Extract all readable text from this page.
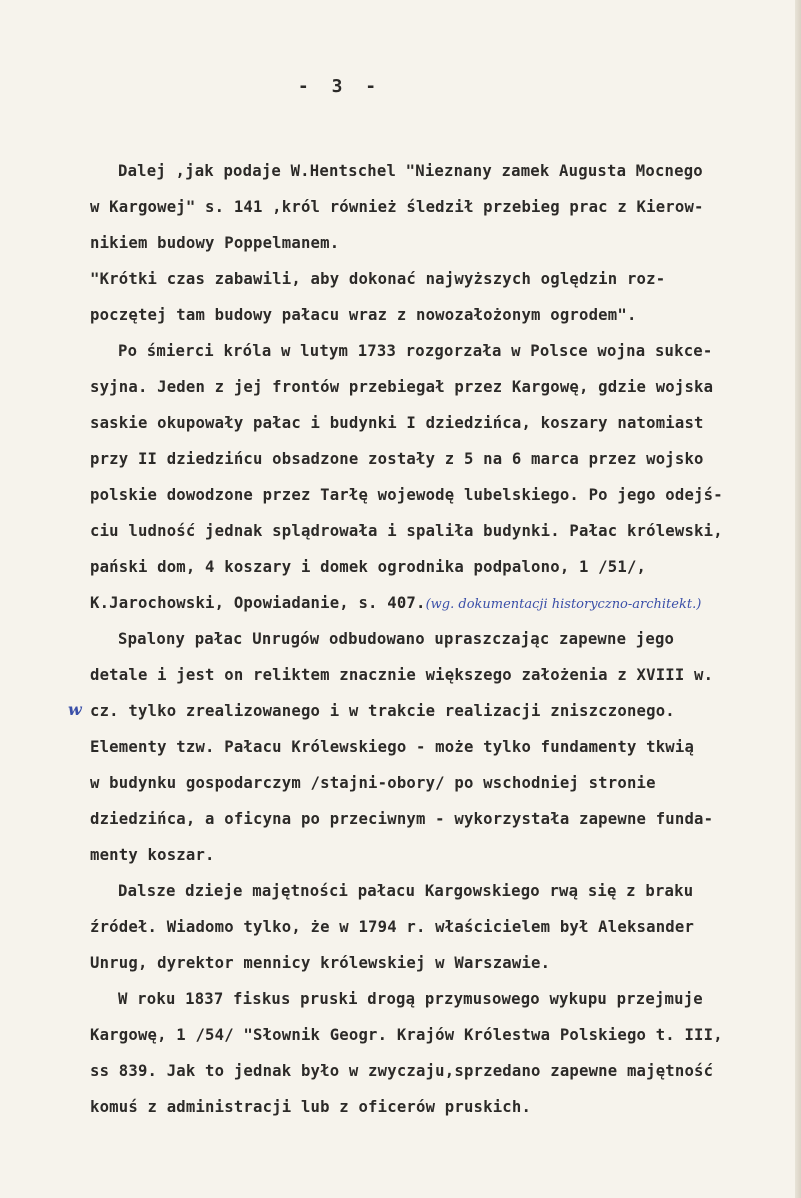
- 3 -
Dalej ,jak podaje W.Hentschel "Nieznany zamek Augusta Mocnego
w Kargowej" s. 141 ,król również śledził przebieg prac z Kierow-
nikiem budowy Poppelmanem.
"Krótki czas zabawili, aby dokonać najwyższych oględzin roz-
poczętej tam budowy pałacu wraz z nowozałożonym ogrodem".
Po śmierci króla w lutym 1733 rozgorzała w Polsce wojna sukce-
syjna. Jeden z jej frontów przebiegał przez Kargowę, gdzie wojska
saskie okupowały pałac i budynki I dziedzińca, koszary natomiast
przy II dziedzińcu obsadzone zostały z 5 na 6 marca przez wojsko
polskie dowodzone przez Tarłę wojewodę lubelskiego. Po jego odejś-
ciu ludność jednak splądrowała i spaliła budynki. Pałac królewski,
pański dom, 4 koszary i domek ogrodnika podpalono, 1 /51/,
K.Jarochowski, Opowiadanie, s. 407.(wg. dokumentacji historyczno-architekt.)
Spalony pałac Unrugów odbudowano upraszczając zapewne jego
detale i jest on reliktem znacznie większego założenia z XVIII w.
w cz. tylko zrealizowanego i w trakcie realizacji zniszczonego.
Elementy tzw. Pałacu Królewskiego - może tylko fundamenty tkwią
w budynku gospodarczym /stajni-obory/ po wschodniej stronie
dziedzińca, a oficyna po przeciwnym - wykorzystała zapewne funda-
menty koszar.
Dalsze dzieje majętności pałacu Kargowskiego rwą się z braku
źródeł. Wiadomo tylko, że w 1794 r. właścicielem był Aleksander
Unrug, dyrektor mennicy królewskiej w Warszawie.
W roku 1837 fiskus pruski drogą przymusowego wykupu przejmuje
Kargowę, 1 /54/ "Słownik Geogr. Krajów Królestwa Polskiego t. III,
ss 839. Jak to jednak było w zwyczaju,sprzedano zapewne majętność
komuś z administracji lub z oficerów pruskich.
